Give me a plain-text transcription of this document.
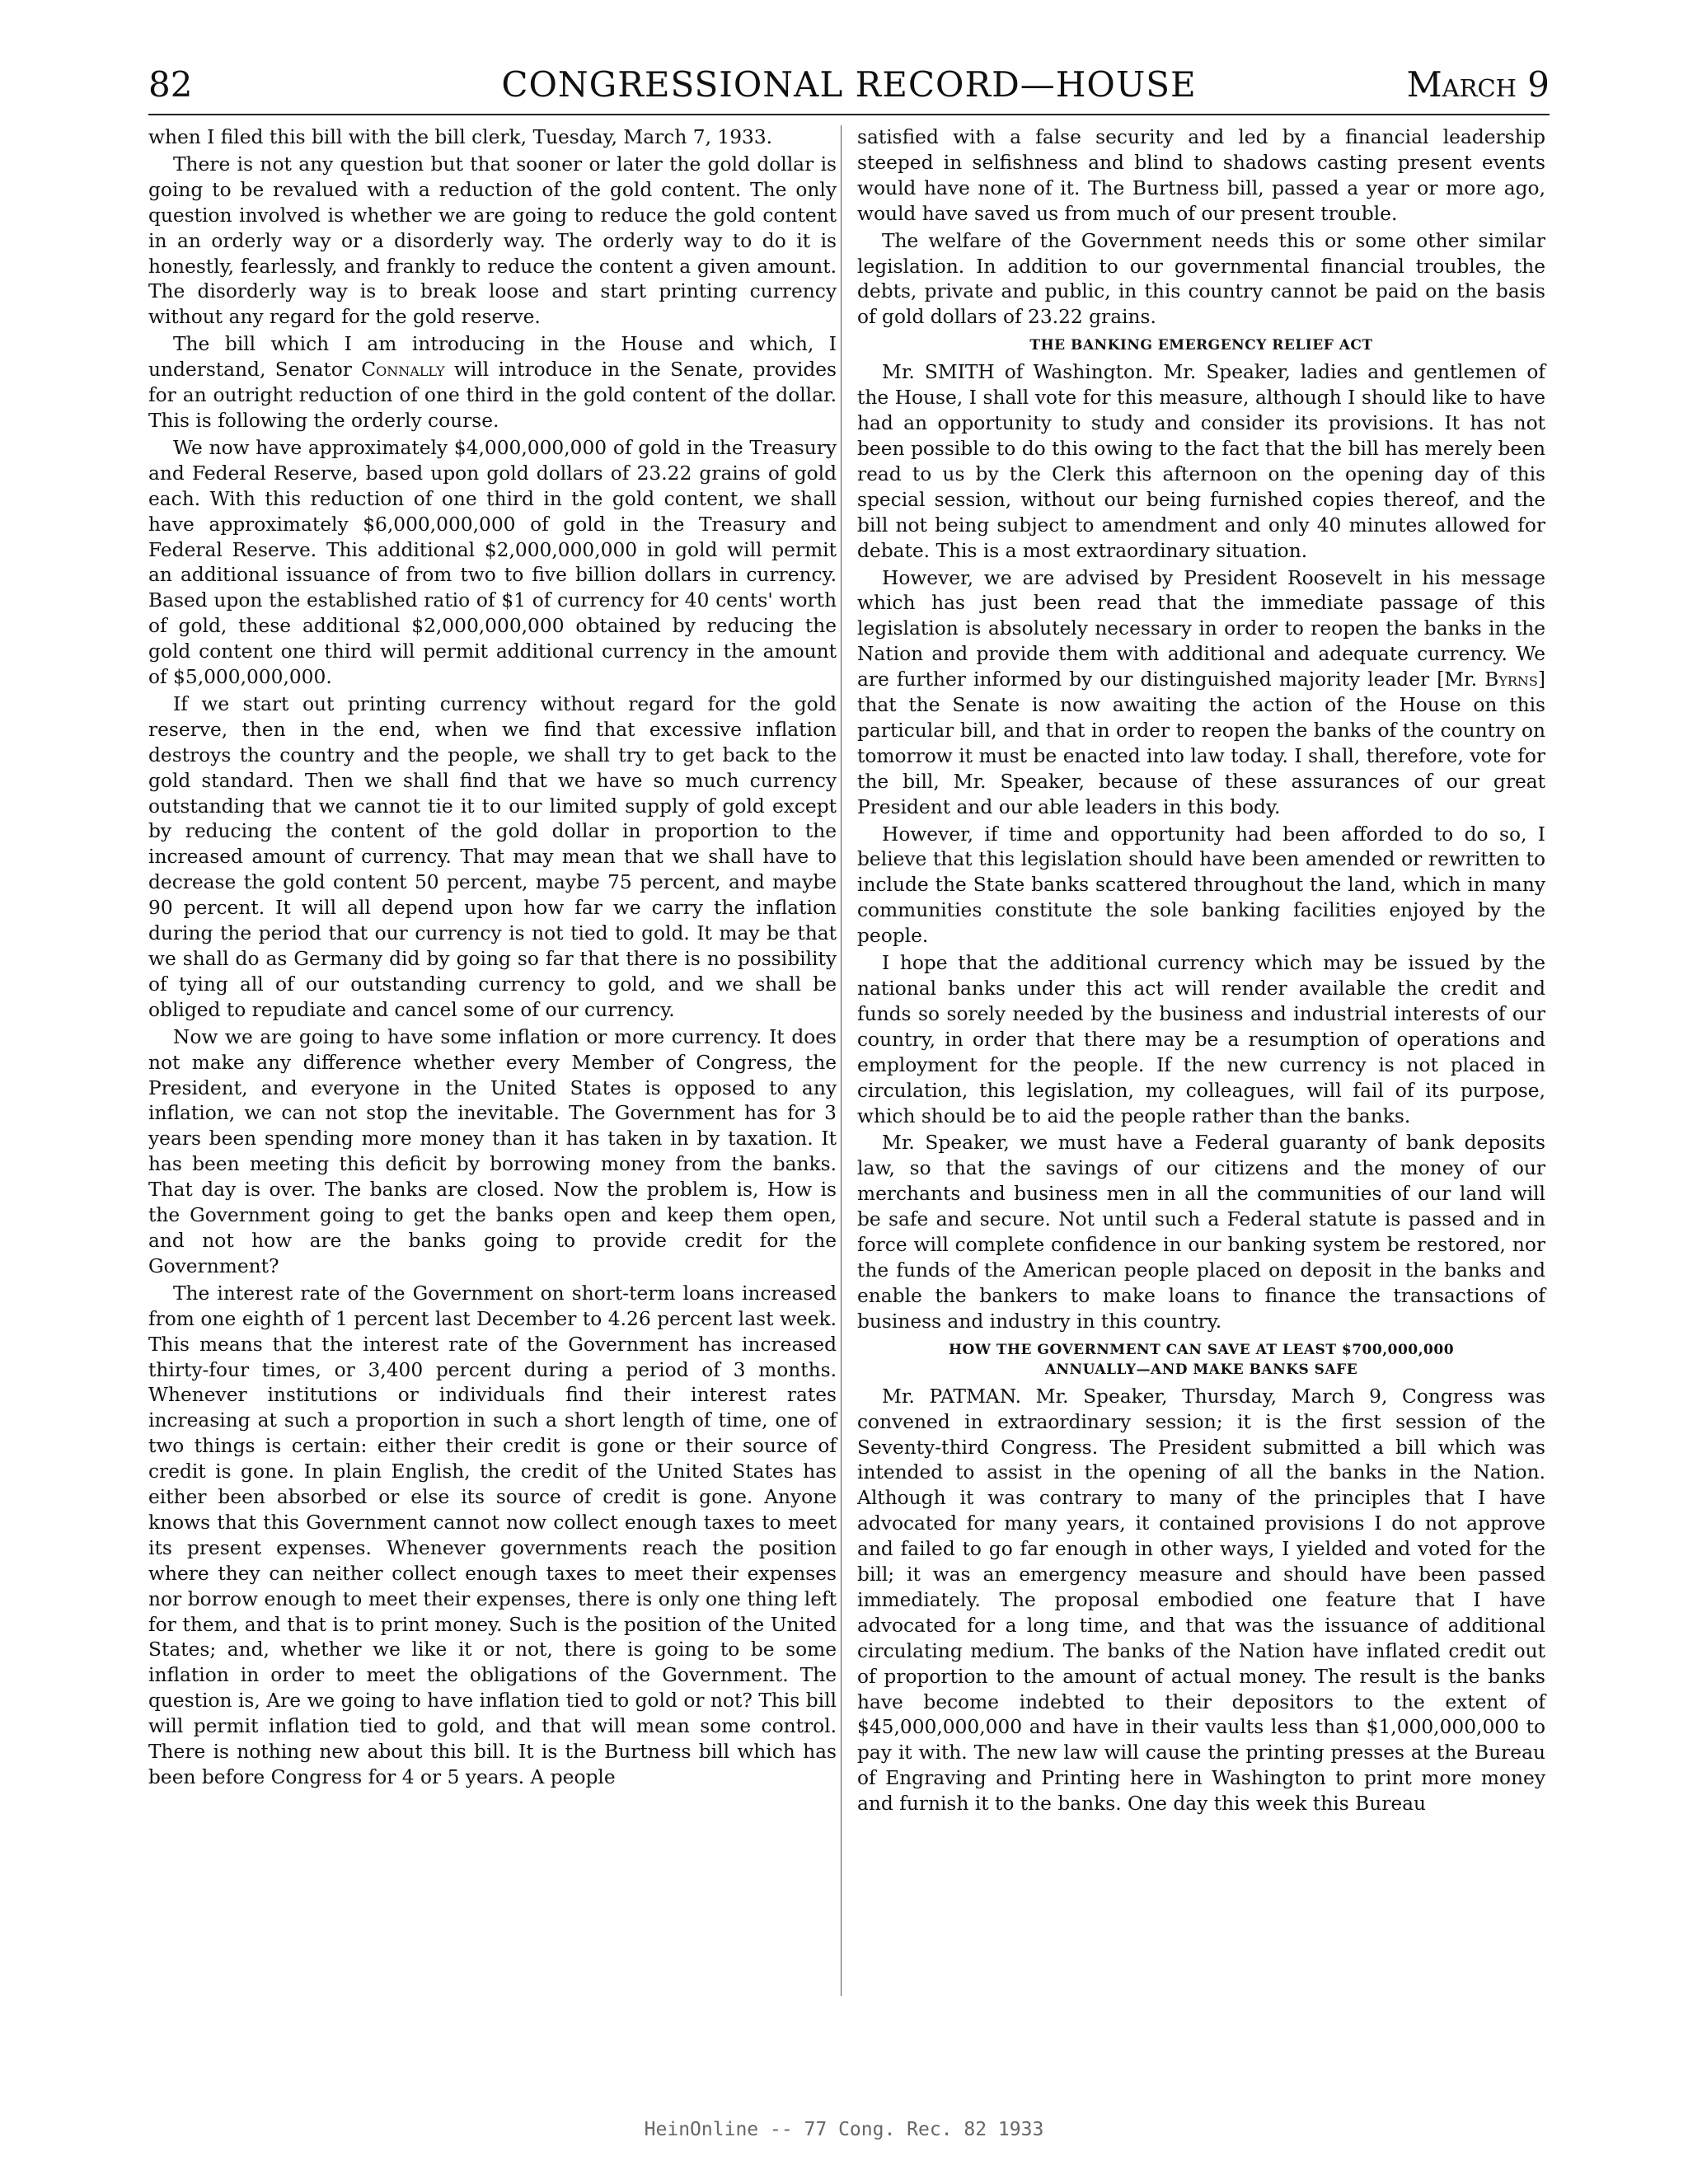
82	CONGRESSIONAL RECORD—HOUSE	March 9

when I filed this bill with the bill clerk, Tuesday, March 7, 1933.

There is not any question but that sooner or later the gold dollar is going to be revalued with a reduction of the gold content. The only question involved is whether we are going to reduce the gold content in an orderly way or a disorderly way. The orderly way to do it is honestly, fearlessly, and frankly to reduce the content a given amount. The disorderly way is to break loose and start printing currency without any regard for the gold reserve.

The bill which I am introducing in the House and which, I understand, Senator Connally will introduce in the Senate, provides for an outright reduction of one third in the gold content of the dollar. This is following the orderly course.

We now have approximately $4,000,000,000 of gold in the Treasury and Federal Reserve, based upon gold dollars of 23.22 grains of gold each. With this reduction of one third in the gold content, we shall have approximately $6,000,000,000 of gold in the Treasury and Federal Reserve. This additional $2,000,000,000 in gold will permit an additional issuance of from two to five billion dollars in currency. Based upon the established ratio of $1 of currency for 40 cents' worth of gold, these additional $2,000,000,000 obtained by reducing the gold content one third will permit additional currency in the amount of $5,000,000,000.

If we start out printing currency without regard for the gold reserve, then in the end, when we find that excessive inflation destroys the country and the people, we shall try to get back to the gold standard. Then we shall find that we have so much currency outstanding that we cannot tie it to our limited supply of gold except by reducing the content of the gold dollar in proportion to the increased amount of currency. That may mean that we shall have to decrease the gold content 50 percent, maybe 75 percent, and maybe 90 percent. It will all depend upon how far we carry the inflation during the period that our currency is not tied to gold. It may be that we shall do as Germany did by going so far that there is no possibility of tying all of our outstanding currency to gold, and we shall be obliged to repudiate and cancel some of our currency.

Now we are going to have some inflation or more currency. It does not make any difference whether every Member of Congress, the President, and everyone in the United States is opposed to any inflation, we can not stop the inevitable. The Government has for 3 years been spending more money than it has taken in by taxation. It has been meeting this deficit by borrowing money from the banks. That day is over. The banks are closed. Now the problem is, How is the Government going to get the banks open and keep them open, and not how are the banks going to provide credit for the Government?

The interest rate of the Government on short-term loans increased from one eighth of 1 percent last December to 4.26 percent last week. This means that the interest rate of the Government has increased thirty-four times, or 3,400 percent during a period of 3 months. Whenever institutions or individuals find their interest rates increasing at such a proportion in such a short length of time, one of two things is certain: either their credit is gone or their source of credit is gone. In plain English, the credit of the United States has either been absorbed or else its source of credit is gone. Anyone knows that this Government cannot now collect enough taxes to meet its present expenses. Whenever governments reach the position where they can neither collect enough taxes to meet their expenses nor borrow enough to meet their expenses, there is only one thing left for them, and that is to print money. Such is the position of the United States; and, whether we like it or not, there is going to be some inflation in order to meet the obligations of the Government. The question is, Are we going to have inflation tied to gold or not? This bill will permit inflation tied to gold, and that will mean some control. There is nothing new about this bill. It is the Burtness bill which has been before Congress for 4 or 5 years. A people

satisfied with a false security and led by a financial leadership steeped in selfishness and blind to shadows casting present events would have none of it. The Burtness bill, passed a year or more ago, would have saved us from much of our present trouble.

The welfare of the Government needs this or some other similar legislation. In addition to our governmental financial troubles, the debts, private and public, in this country cannot be paid on the basis of gold dollars of 23.22 grains.

THE BANKING EMERGENCY RELIEF ACT

Mr. SMITH of Washington. Mr. Speaker, ladies and gentlemen of the House, I shall vote for this measure, although I should like to have had an opportunity to study and consider its provisions. It has not been possible to do this owing to the fact that the bill has merely been read to us by the Clerk this afternoon on the opening day of this special session, without our being furnished copies thereof, and the bill not being subject to amendment and only 40 minutes allowed for debate. This is a most extraordinary situation.

However, we are advised by President Roosevelt in his message which has just been read that the immediate passage of this legislation is absolutely necessary in order to reopen the banks in the Nation and provide them with additional and adequate currency. We are further informed by our distinguished majority leader [Mr. Byrns] that the Senate is now awaiting the action of the House on this particular bill, and that in order to reopen the banks of the country on tomorrow it must be enacted into law today. I shall, therefore, vote for the bill, Mr. Speaker, because of these assurances of our great President and our able leaders in this body.

However, if time and opportunity had been afforded to do so, I believe that this legislation should have been amended or rewritten to include the State banks scattered throughout the land, which in many communities constitute the sole banking facilities enjoyed by the people.

I hope that the additional currency which may be issued by the national banks under this act will render available the credit and funds so sorely needed by the business and industrial interests of our country, in order that there may be a resumption of operations and employment for the people. If the new currency is not placed in circulation, this legislation, my colleagues, will fail of its purpose, which should be to aid the people rather than the banks.

Mr. Speaker, we must have a Federal guaranty of bank deposits law, so that the savings of our citizens and the money of our merchants and business men in all the communities of our land will be safe and secure. Not until such a Federal statute is passed and in force will complete confidence in our banking system be restored, nor the funds of the American people placed on deposit in the banks and enable the bankers to make loans to finance the transactions of business and industry in this country.

HOW THE GOVERNMENT CAN SAVE AT LEAST $700,000,000
ANNUALLY—AND MAKE BANKS SAFE

Mr. PATMAN. Mr. Speaker, Thursday, March 9, Congress was convened in extraordinary session; it is the first session of the Seventy-third Congress. The President submitted a bill which was intended to assist in the opening of all the banks in the Nation. Although it was contrary to many of the principles that I have advocated for many years, it contained provisions I do not approve and failed to go far enough in other ways, I yielded and voted for the bill; it was an emergency measure and should have been passed immediately. The proposal embodied one feature that I have advocated for a long time, and that was the issuance of additional circulating medium. The banks of the Nation have inflated credit out of proportion to the amount of actual money. The result is the banks have become indebted to their depositors to the extent of $45,000,000,000 and have in their vaults less than $1,000,000,000 to pay it with. The new law will cause the printing presses at the Bureau of Engraving and Printing here in Washington to print more money and furnish it to the banks. One day this week this Bureau

HeinOnline -- 77 Cong. Rec. 82 1933
